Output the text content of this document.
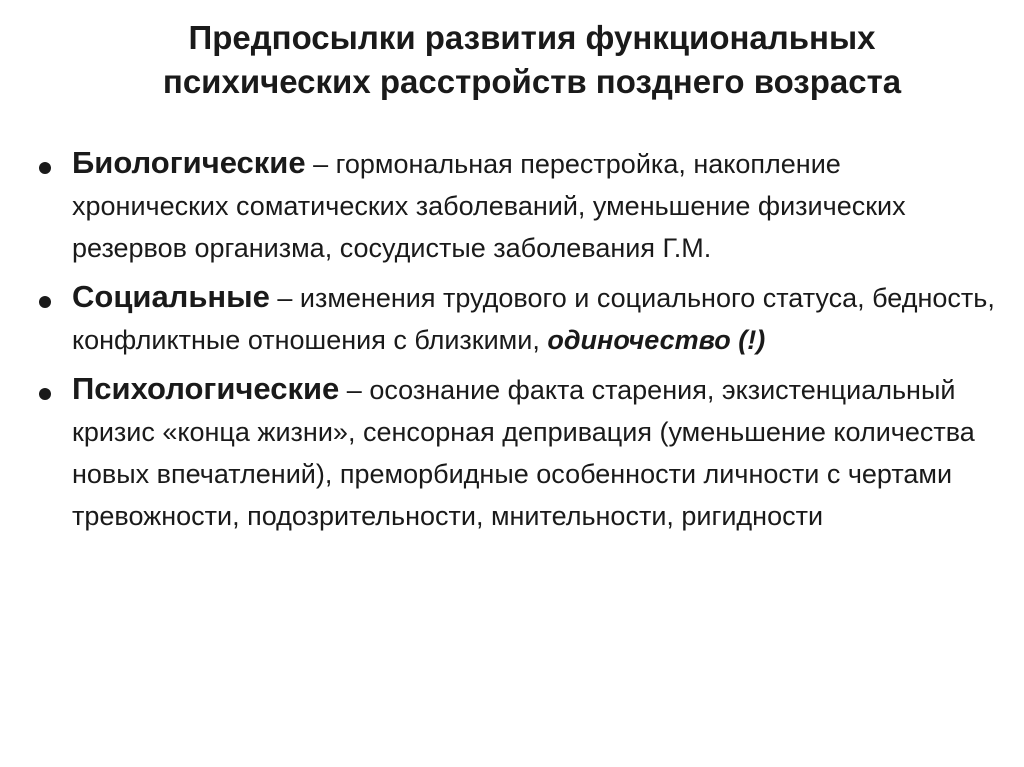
Предпосылки развития функциональных
психических расстройств позднего возраста
Биологические – гормональная перестройка, накопление хронических соматических заболеваний, уменьшение физических резервов организма, сосудистые заболевания Г.М.
Социальные – изменения трудового и социального статуса, бедность, конфликтные отношения с близкими, одиночество (!)
Психологические – осознание факта старения, экзистенциальный кризис «конца жизни», сенсорная депривация (уменьшение количества новых впечатлений), преморбидные особенности личности с чертами тревожности, подозрительности, мнительности, ригидности
